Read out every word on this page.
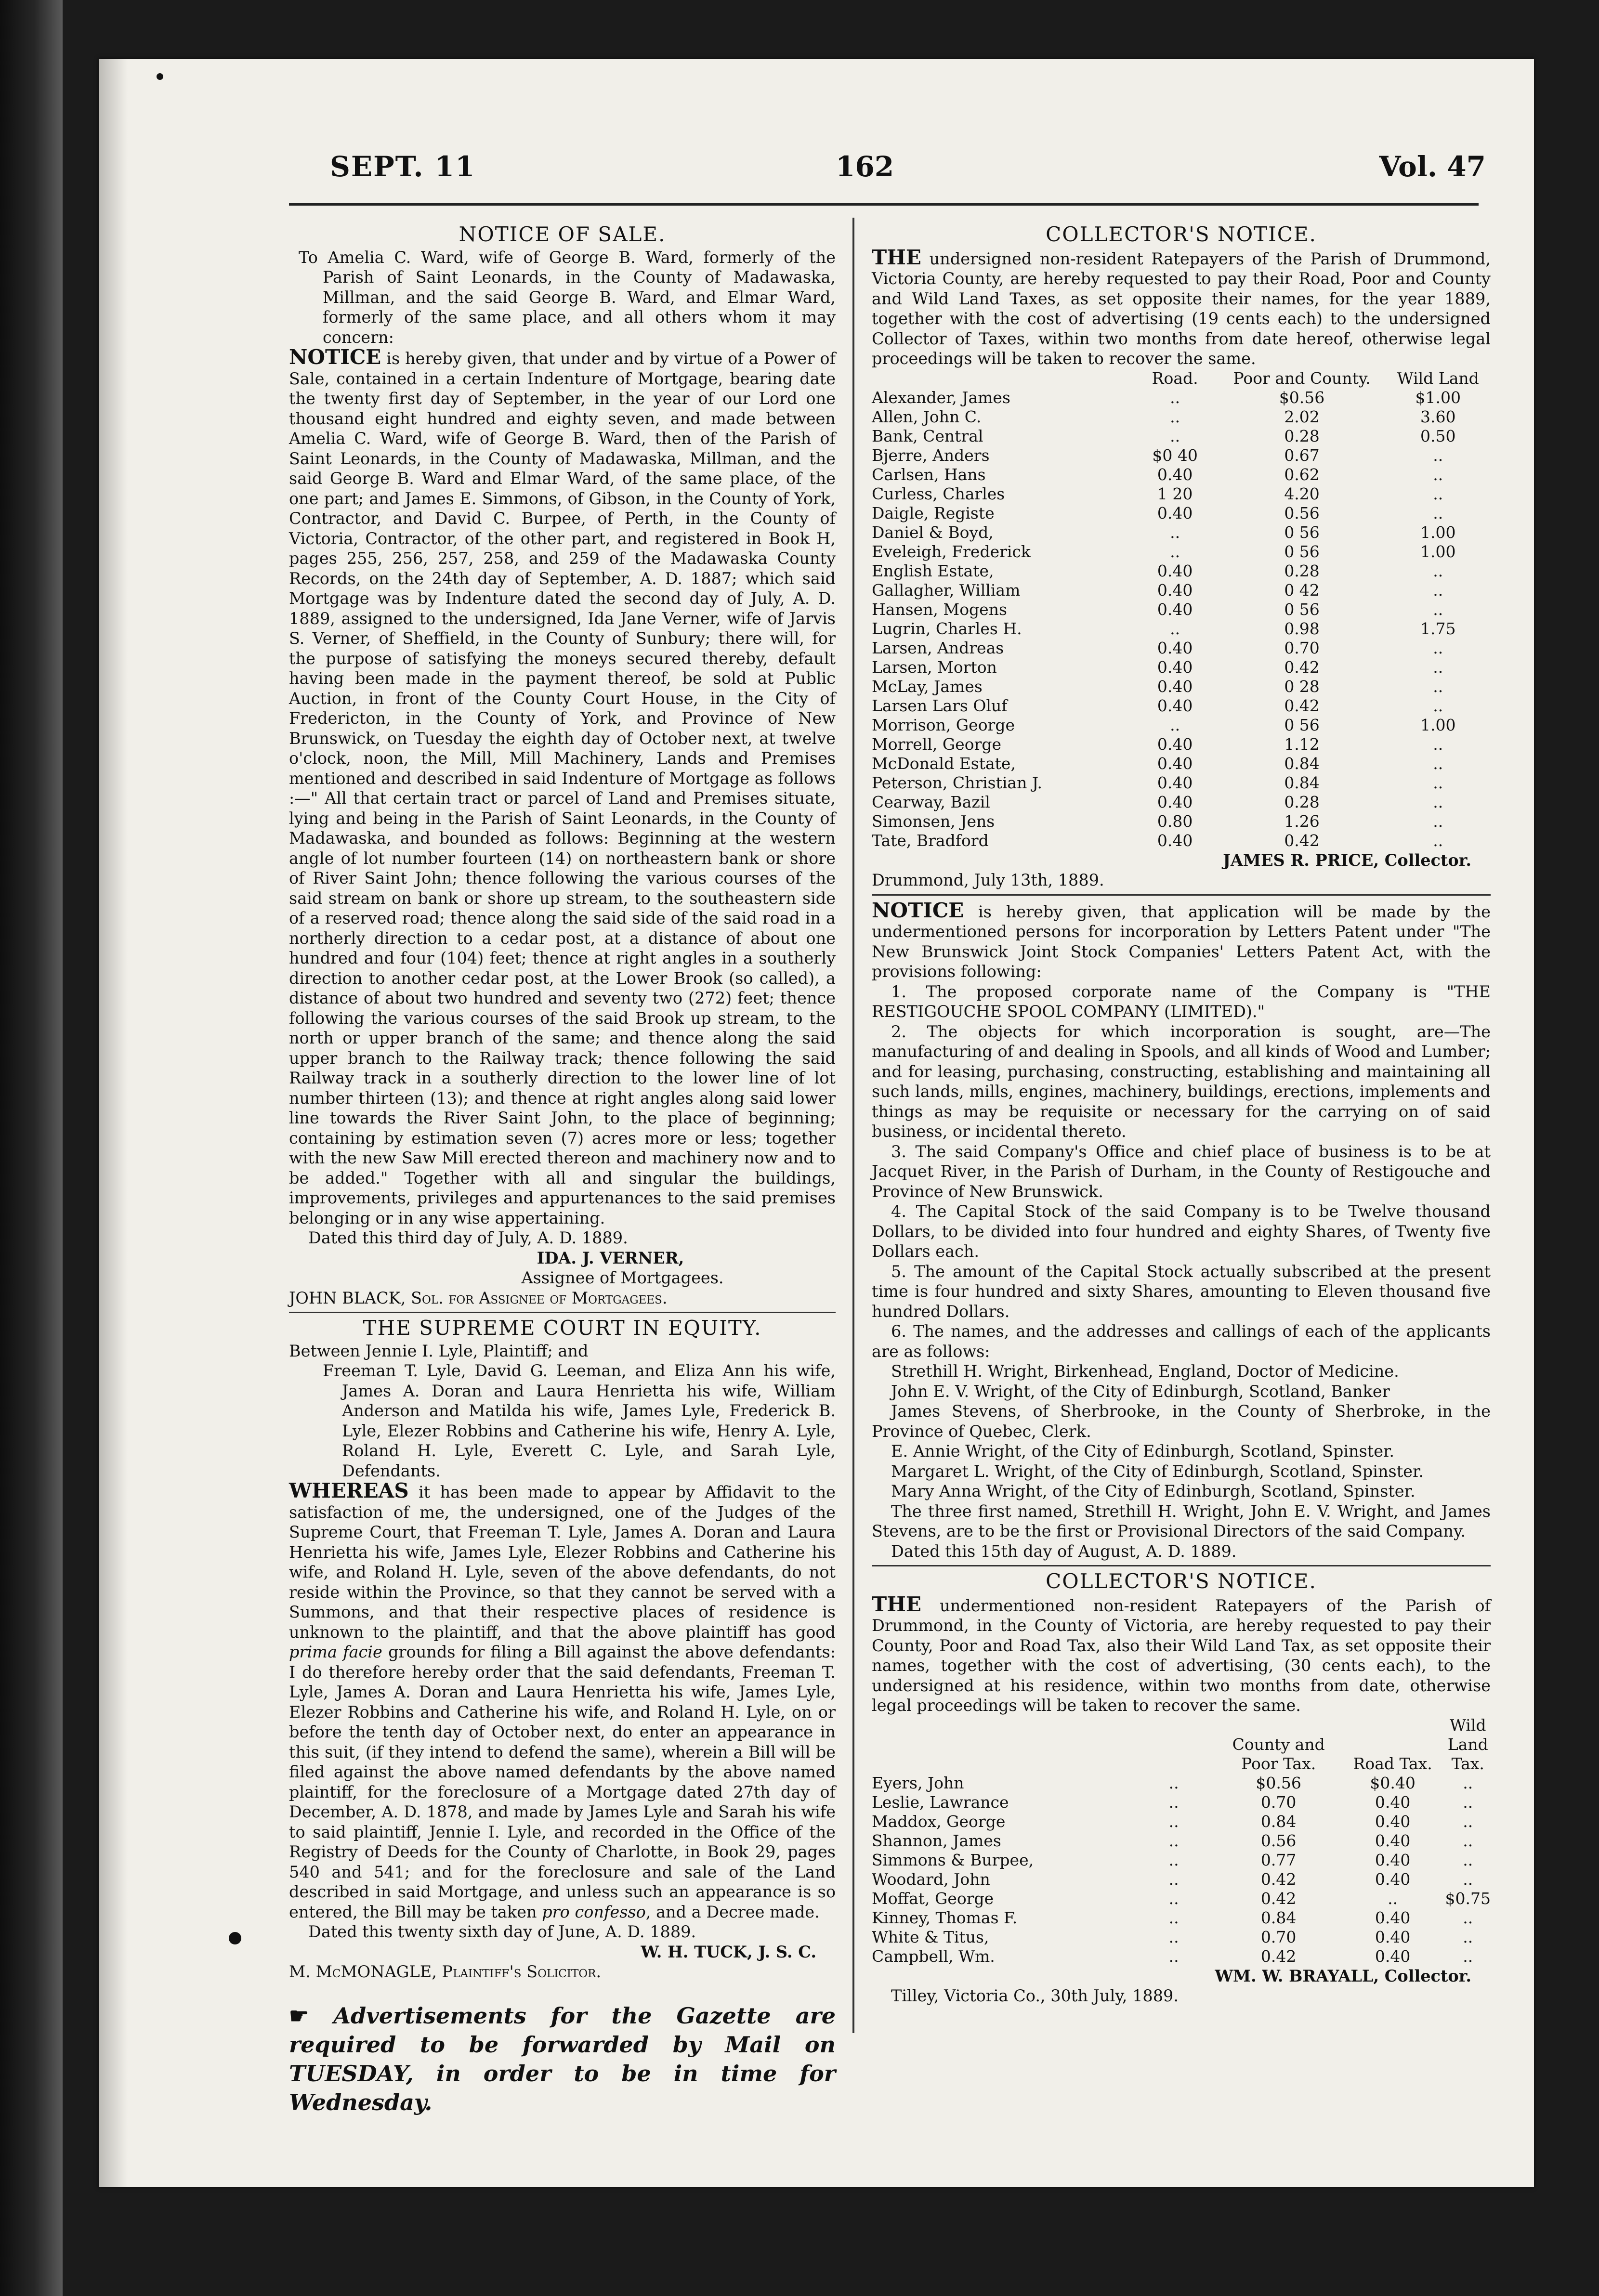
SEPT. 11	162	Vol. 47
NOTICE OF SALE.

To Amelia C. Ward, wife of George B. Ward, formerly of the Parish of Saint Leonards, in the County of Madawaska, Millman, and the said George B. Ward, and Elmar Ward, formerly of the same place, and all others whom it may concern:

NOTICE is hereby given, that under and by virtue of a Power of Sale, contained in a certain Indenture of Mortgage, bearing date the twenty first day of September, in the year of our Lord one thousand eight hundred and eighty seven, and made between Amelia C. Ward, wife of George B. Ward, then of the Parish of Saint Leonards, in the County of Madawaska, Millman, and the said George B. Ward and Elmar Ward, of the same place, of the one part; and James E. Simmons, of Gibson, in the County of York, Contractor, and David C. Burpee, of Perth, in the County of Victoria, Contractor, of the other part, and registered in Book H, pages 255, 256, 257, 258, and 259 of the Madawaska County Records, on the 24th day of September, A. D. 1887; which said Mortgage was by Indenture dated the second day of July, A. D. 1889, assigned to the undersigned, Ida Jane Verner, wife of Jarvis S. Verner, of Sheffield, in the County of Sunbury; there will, for the purpose of satisfying the moneys secured thereby, default having been made in the payment thereof, be sold at Public Auction, in front of the County Court House, in the City of Fredericton, in the County of York, and Province of New Brunswick, on Tuesday the eighth day of October next, at twelve o'clock, noon, the Mill, Mill Machinery, Lands and Premises mentioned and described in said Indenture of Mortgage as follows :—" All that certain tract or parcel of Land and Premises situate, lying and being in the Parish of Saint Leonards, in the County of Madawaska, and bounded as follows: Beginning at the western angle of lot number fourteen (14) on northeastern bank or shore of River Saint John; thence following the various courses of the said stream on bank or shore up stream, to the southeastern side of a reserved road; thence along the said side of the said road in a northerly direction to a cedar post, at a distance of about one hundred and four (104) feet; thence at right angles in a southerly direction to another cedar post, at the Lower Brook (so called), a distance of about two hundred and seventy two (272) feet; thence following the various courses of the said Brook up stream, to the north or upper branch of the same; and thence along the said upper branch to the Railway track; thence following the said Railway track in a southerly direction to the lower line of lot number thirteen (13); and thence at right angles along said lower line towards the River Saint John, to the place of beginning; containing by estimation seven (7) acres more or less; together with the new Saw Mill erected thereon and machinery now and to be added." Together with all and singular the buildings, improvements, privileges and appurtenances to the said premises belonging or in any wise appertaining.

Dated this third day of July, A. D. 1889.

IDA. J. VERNER,

Assignee of Mortgagees.

JOHN BLACK, Sol. for Assignee of Mortgagees.

THE SUPREME COURT IN EQUITY.

Between Jennie I. Lyle, Plaintiff; and

Freeman T. Lyle, David G. Leeman, and Eliza Ann his wife, James A. Doran and Laura Henrietta his wife, William Anderson and Matilda his wife, James Lyle, Frederick B. Lyle, Elezer Robbins and Catherine his wife, Henry A. Lyle, Roland H. Lyle, Everett C. Lyle, and Sarah Lyle, Defendants.

WHEREAS it has been made to appear by Affidavit to the satisfaction of me, the undersigned, one of the Judges of the Supreme Court, that Freeman T. Lyle, James A. Doran and Laura Henrietta his wife, James Lyle, Elezer Robbins and Catherine his wife, and Roland H. Lyle, seven of the above defendants, do not reside within the Province, so that they cannot be served with a Summons, and that their respective places of residence is unknown to the plaintiff, and that the above plaintiff has good prima facie grounds for filing a Bill against the above defendants: I do therefore hereby order that the said defendants, Freeman T. Lyle, James A. Doran and Laura Henrietta his wife, James Lyle, Elezer Robbins and Catherine his wife, and Roland H. Lyle, on or before the tenth day of October next, do enter an appearance in this suit, (if they intend to defend the same), wherein a Bill will be filed against the above named defendants by the above named plaintiff, for the foreclosure of a Mortgage dated 27th day of December, A. D. 1878, and made by James Lyle and Sarah his wife to said plaintiff, Jennie I. Lyle, and recorded in the Office of the Registry of Deeds for the County of Charlotte, in Book 29, pages 540 and 541; and for the foreclosure and sale of the Land described in said Mortgage, and unless such an appearance is so entered, the Bill may be taken pro confesso, and a Decree made.

Dated this twenty sixth day of June, A. D. 1889.

W. H. TUCK, J. S. C.

M. McMONAGLE, Plaintiff's Solicitor.

☛ Advertisements for the Gazette are required to be forwarded by Mail on TUESDAY, in order to be in time for Wednesday.

COLLECTOR'S NOTICE.

THE undersigned non-resident Ratepayers of the Parish of Drummond, Victoria County, are hereby requested to pay their Road, Poor and County and Wild Land Taxes, as set opposite their names, for the year 1889, together with the cost of advertising (19 cents each) to the undersigned Collector of Taxes, within two months from date hereof, otherwise legal proceedings will be taken to recover the same.

	Road.	Poor and County.	Wild Land
Alexander, James	..	$0.56	$1.00
Allen, John C.	..	2.02	3.60
Bank, Central	..	0.28	0.50
Bjerre, Anders	$0 40	0.67	..
Carlsen, Hans	0.40	0.62	..
Curless, Charles	1 20	4.20	..
Daigle, Registe	0.40	0.56	..
Daniel & Boyd,	..	0 56	1.00
Eveleigh, Frederick	..	0 56	1.00
English Estate,	0.40	0.28	..
Gallagher, William	0.40	0 42	..
Hansen, Mogens	0.40	0 56	..
Lugrin, Charles H.	..	0.98	1.75
Larsen, Andreas	0.40	0.70	..
Larsen, Morton	0.40	0.42	..
McLay, James	0.40	0 28	..
Larsen Lars Oluf	0.40	0.42	..
Morrison, George	..	0 56	1.00
Morrell, George	0.40	1.12	..
McDonald Estate,	0.40	0.84	..
Peterson, Christian J.	0.40	0.84	..
Cearway, Bazil	0.40	0.28	..
Simonsen, Jens	0.80	1.26	..
Tate, Bradford	0.40	0.42	..

JAMES R. PRICE, Collector.

Drummond, July 13th, 1889.

NOTICE is hereby given, that application will be made by the undermentioned persons for incorporation by Letters Patent under "The New Brunswick Joint Stock Companies' Letters Patent Act, with the provisions following:

1. The proposed corporate name of the Company is "THE RESTIGOUCHE SPOOL COMPANY (LIMITED)."

2. The objects for which incorporation is sought, are—The manufacturing of and dealing in Spools, and all kinds of Wood and Lumber; and for leasing, purchasing, constructing, establishing and maintaining all such lands, mills, engines, machinery, buildings, erections, implements and things as may be requisite or necessary for the carrying on of said business, or incidental thereto.

3. The said Company's Office and chief place of business is to be at Jacquet River, in the Parish of Durham, in the County of Restigouche and Province of New Brunswick.

4. The Capital Stock of the said Company is to be Twelve thousand Dollars, to be divided into four hundred and eighty Shares, of Twenty five Dollars each.

5. The amount of the Capital Stock actually subscribed at the present time is four hundred and sixty Shares, amounting to Eleven thousand five hundred Dollars.

6. The names, and the addresses and callings of each of the applicants are as follows:

Strethill H. Wright, Birkenhead, England, Doctor of Medicine.

John E. V. Wright, of the City of Edinburgh, Scotland, Banker

James Stevens, of Sherbrooke, in the County of Sherbroke, in the Province of Quebec, Clerk.

E. Annie Wright, of the City of Edinburgh, Scotland, Spinster.

Margaret L. Wright, of the City of Edinburgh, Scotland, Spinster.

Mary Anna Wright, of the City of Edinburgh, Scotland, Spinster.

The three first named, Strethill H. Wright, John E. V. Wright, and James Stevens, are to be the first or Provisional Directors of the said Company.

Dated this 15th day of August, A. D. 1889.

COLLECTOR'S NOTICE.

THE undermentioned non-resident Ratepayers of the Parish of Drummond, in the County of Victoria, are hereby requested to pay their County, Poor and Road Tax, also their Wild Land Tax, as set opposite their names, together with the cost of advertising, (30 cents each), to the undersigned at his residence, within two months from date, otherwise legal proceedings will be taken to recover the same.

		County and Poor Tax.	Road Tax.	Wild Land Tax.
Eyers, John	..	$0.56	$0.40	..
Leslie, Lawrance	..	0.70	0.40	..
Maddox, George	..	0.84	0.40	..
Shannon, James	..	0.56	0.40	..
Simmons & Burpee,	..	0.77	0.40	..
Woodard, John	..	0.42	0.40	..
Moffat, George	..	0.42	..	$0.75
Kinney, Thomas F.	..	0.84	0.40	..
White & Titus,	..	0.70	0.40	..
Campbell, Wm.	..	0.42	0.40	..

WM. W. BRAYALL, Collector.

Tilley, Victoria Co., 30th July, 1889.
